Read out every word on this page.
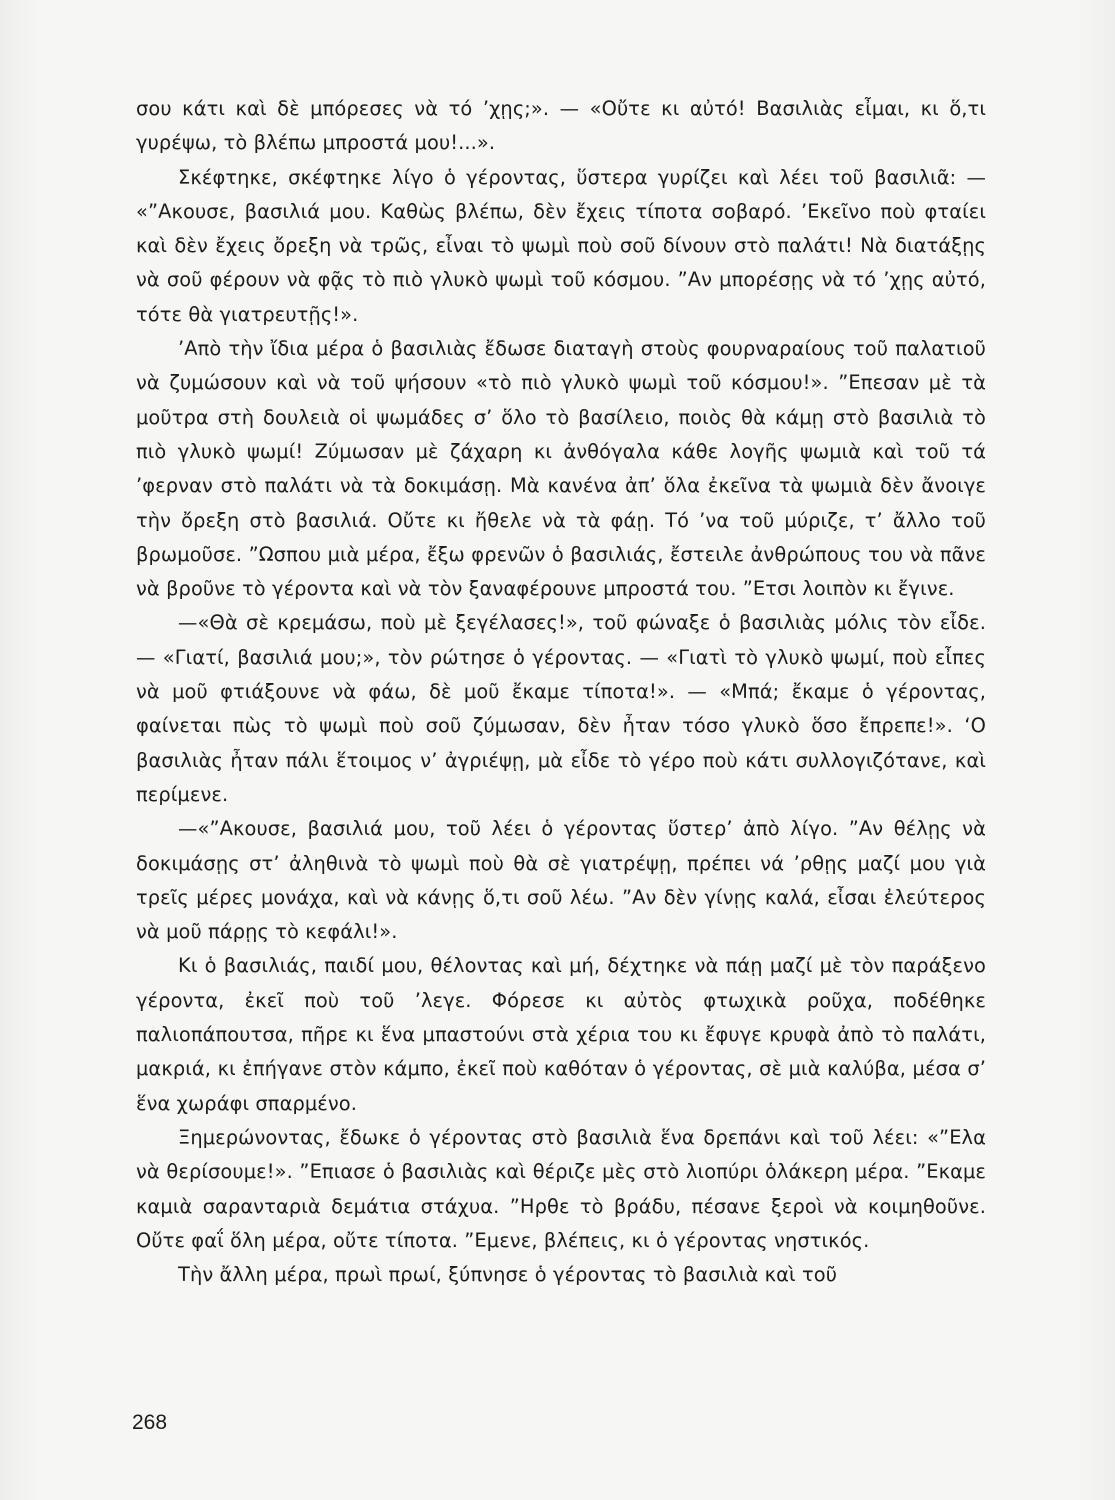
σου κάτι καὶ δὲ μπόρεσες νὰ τό ’χῃς;». — «Οὔτε κι αὐτό! Βασιλιὰς εἶμαι, κι ὅ,τι γυρέψω, τὸ βλέπω μπροστά μου!...».

Σκέφτηκε, σκέφτηκε λίγο ὁ γέροντας, ὕστερα γυρίζει καὶ λέει τοῦ βασιλιᾶ: — «”Ακουσε, βασιλιά μου. Καθὼς βλέπω, δὲν ἔχεις τίποτα σοβαρό. ’Εκεῖνο ποὺ φταίει καὶ δὲν ἔχεις ὄρεξη νὰ τρῶς, εἶναι τὸ ψωμὶ ποὺ σοῦ δίνουν στὸ παλάτι! Νὰ διατάξῃς νὰ σοῦ φέρουν νὰ φᾷς τὸ πιὸ γλυκὸ ψωμὶ τοῦ κόσμου. ”Αν μπορέσῃς νὰ τό ’χῃς αὐτό, τότε θὰ γιατρευτῇς!».

’Απὸ τὴν ἴδια μέρα ὁ βασιλιὰς ἔδωσε διαταγὴ στοὺς φουρναραίους τοῦ παλατιοῦ νὰ ζυμώσουν καὶ νὰ τοῦ ψήσουν «τὸ πιὸ γλυκὸ ψωμὶ τοῦ κόσμου!». ”Επεσαν μὲ τὰ μοῦτρα στὴ δουλειὰ οἱ ψωμάδες σ’ ὅλο τὸ βασίλειο, ποιὸς θὰ κάμῃ στὸ βασιλιὰ τὸ πιὸ γλυκὸ ψωμί! Ζύμωσαν μὲ ζάχαρη κι ἀνθόγαλα κάθε λογῆς ψωμιὰ καὶ τοῦ τά ’φερναν στὸ παλάτι νὰ τὰ δοκιμάσῃ. Μὰ κανένα ἀπ’ ὅλα ἐκεῖνα τὰ ψωμιὰ δὲν ἄνοιγε τὴν ὄρεξη στὸ βασιλιά. Οὔτε κι ἤθελε νὰ τὰ φάῃ. Τό ’να τοῦ μύριζε, τ’ ἄλλο τοῦ βρωμοῦσε. ”Ωσπου μιὰ μέρα, ἔξω φρενῶν ὁ βασιλιάς, ἔστειλε ἀνθρώπους του νὰ πᾶνε νὰ βροῦνε τὸ γέροντα καὶ νὰ τὸν ξαναφέρουνε μπροστά του. ”Ετσι λοιπὸν κι ἔγινε.

—«Θὰ σὲ κρεμάσω, ποὺ μὲ ξεγέλασες!», τοῦ φώναξε ὁ βασιλιὰς μόλις τὸν εἶδε. — «Γιατί, βασιλιά μου;», τὸν ρώτησε ὁ γέροντας. — «Γιατὶ τὸ γλυκὸ ψωμί, ποὺ εἶπες νὰ μοῦ φτιάξουνε νὰ φάω, δὲ μοῦ ἔκαμε τίποτα!». — «Μπά; ἔκαμε ὁ γέροντας, φαίνεται πὼς τὸ ψωμὶ ποὺ σοῦ ζύμωσαν, δὲν ἦταν τόσο γλυκὸ ὅσο ἔπρεπε!». ‘Ο βασιλιὰς ἦταν πάλι ἕτοιμος ν’ ἀγριέψῃ, μὰ εἶδε τὸ γέρο ποὺ κάτι συλλογιζότανε, καὶ περίμενε.

—«”Ακουσε, βασιλιά μου, τοῦ λέει ὁ γέροντας ὕστερ’ ἀπὸ λίγο. ”Αν θέλῃς νὰ δοκιμάσῃς στ’ ἀληθινὰ τὸ ψωμὶ ποὺ θὰ σὲ γιατρέψῃ, πρέπει νά ’ρθῃς μαζί μου γιὰ τρεῖς μέρες μονάχα, καὶ νὰ κάνῃς ὅ,τι σοῦ λέω. ”Αν δὲν γίνῃς καλά, εἶσαι ἐλεύτερος νὰ μοῦ πάρῃς τὸ κεφάλι!».

Κι ὁ βασιλιάς, παιδί μου, θέλοντας καὶ μή, δέχτηκε νὰ πάῃ μαζί μὲ τὸν παράξενο γέροντα, ἐκεῖ ποὺ τοῦ ’λεγε. Φόρεσε κι αὐτὸς φτωχικὰ ροῦχα, ποδέθηκε παλιοπάπουτσα, πῆρε κι ἕνα μπαστούνι στὰ χέρια του κι ἔφυγε κρυφὰ ἀπὸ τὸ παλάτι, μακριά, κι ἐπήγανε στὸν κάμπο, ἐκεῖ ποὺ καθόταν ὁ γέροντας, σὲ μιὰ καλύβα, μέσα σ’ ἕνα χωράφι σπαρμένο.

Ξημερώνοντας, ἔδωκε ὁ γέροντας στὸ βασιλιὰ ἕνα δρεπάνι καὶ τοῦ λέει: «”Ελα νὰ θερίσουμε!». ”Επιασε ὁ βασιλιὰς καὶ θέριζε μὲς στὸ λιοπύρι ὁλάκερη μέρα. ”Εκαμε καμιὰ σαρανταριὰ δεμάτια στάχυα. ”Ηρθε τὸ βράδυ, πέσανε ξεροὶ νὰ κοιμηθοῦνε. Οὔτε φαΐ ὅλη μέρα, οὔτε τίποτα. ”Εμενε, βλέπεις, κι ὁ γέροντας νηστικός.

Τὴν ἄλλη μέρα, πρωὶ πρωί, ξύπνησε ὁ γέροντας τὸ βασιλιὰ καὶ τοῦ

268
